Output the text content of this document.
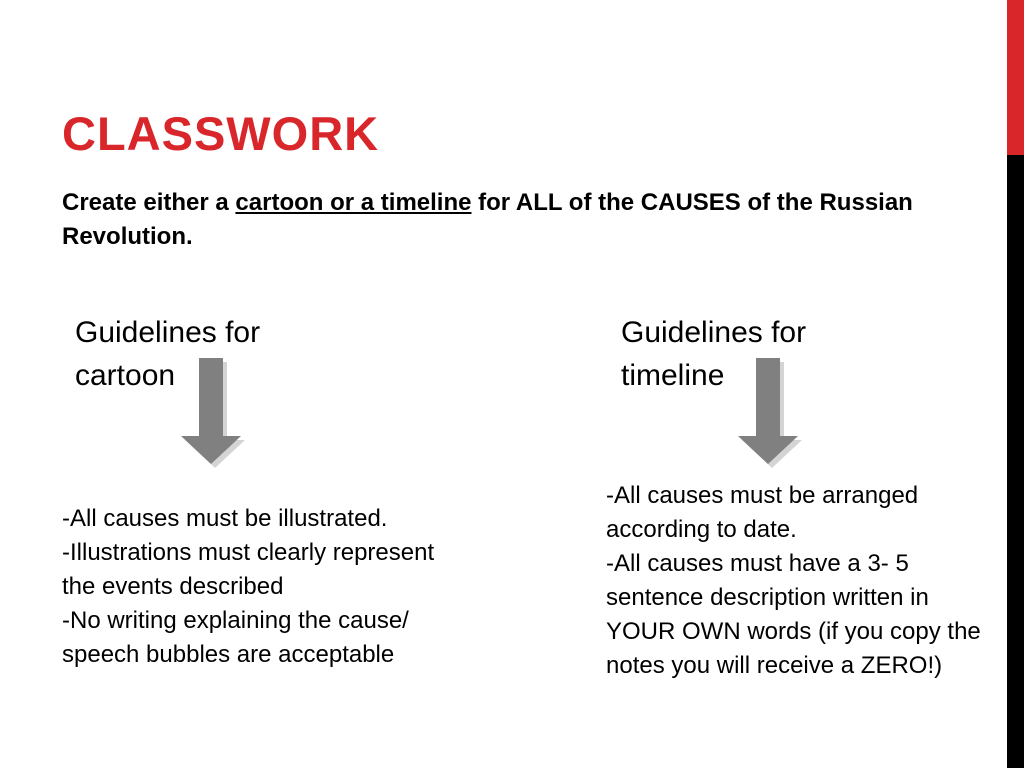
CLASSWORK

Create either a cartoon or a timeline for ALL of the CAUSES of the Russian Revolution.

Guidelines for
cartoon
Guidelines for
timeline
-All causes must be illustrated.
-Illustrations must clearly represent the events described
-No writing explaining the cause/ speech bubbles are acceptable
-All causes must be arranged according to date.
-All causes must have a 3- 5 sentence description written in YOUR OWN words (if you copy the notes you will receive a ZERO!)
